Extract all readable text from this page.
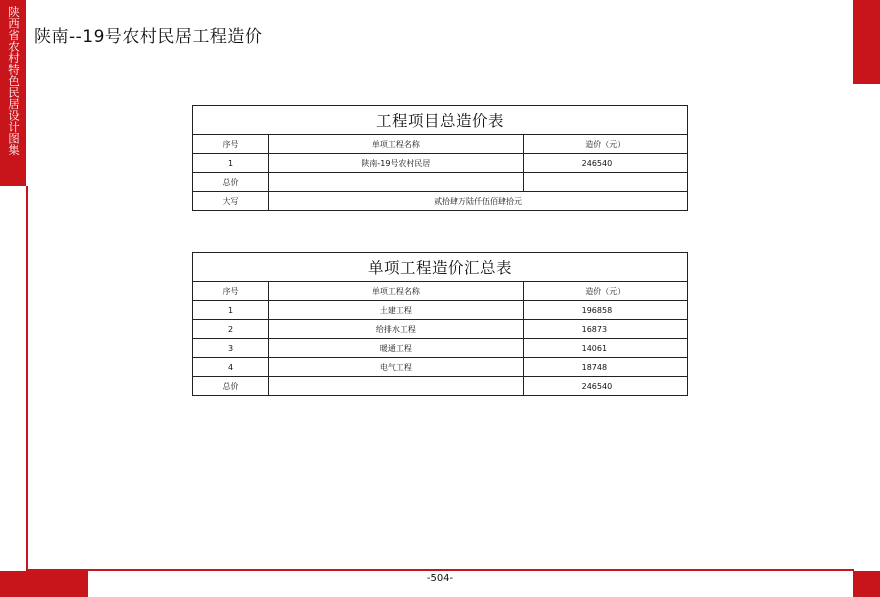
陕西省农村特色民居设计图集 陕南--19号农村民居工程造价
工程项目总造价表		
序号	单项工程名称	造价（元）
1	陕南-19号农村民居	246540
总价		
大写	贰拾肆万陆仟伍佰肆拾元	
单项工程造价汇总表		
序号	单项工程名称	造价（元）
1	土建工程	196858
2	给排水工程	16873
3	暖通工程	14061
4	电气工程	18748
总价		246540
-504-
